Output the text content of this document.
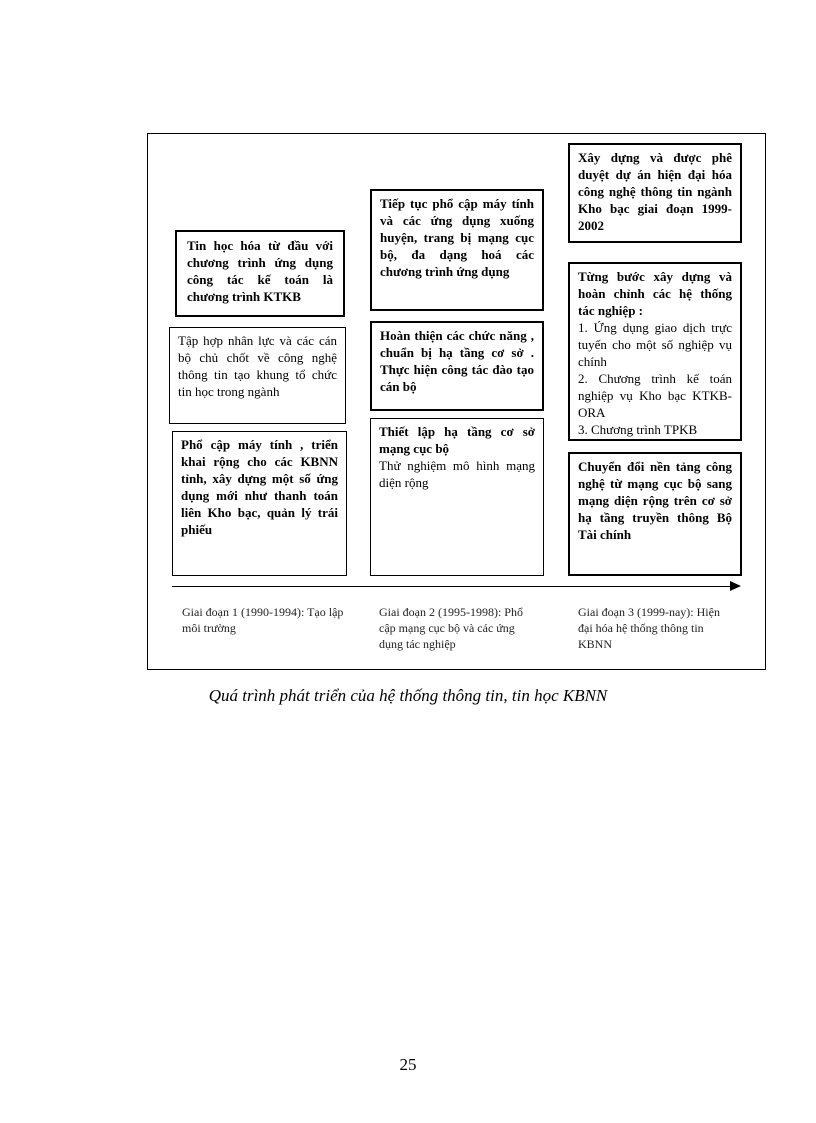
Tin học hóa từ đầu với chương trình ứng dụng công tác kế toán là chương trình KTKB

Tập hợp nhân lực và các cán bộ chủ chốt về công nghệ thông tin tạo khung tổ chức tin học trong ngành

Phổ cập máy tính , triển khai rộng cho các KBNN tỉnh, xây dựng một số ứng dụng mới như thanh toán liên Kho bạc, quản lý trái phiếu

Tiếp tục phổ cập máy tính và các ứng dụng xuống huyện, trang bị mạng cục bộ, đa dạng hoá các chương trình ứng dụng

Hoàn thiện các chức năng , chuẩn bị hạ tầng cơ sở . Thực hiện công tác đào tạo cán bộ

Thiết lập hạ tầng cơ sở mạng cục bộ

Thử nghiệm mô hình mạng diện rộng

Xây dựng và được phê duyệt dự án hiện đại hóa công nghệ thông tin ngành Kho bạc giai đoạn 1999-2002

Từng bước xây dựng và hoàn chỉnh các hệ thống tác nghiệp :

1. Ứng dụng giao dịch trực tuyến cho một số nghiệp vụ chính

2. Chương trình kế toán nghiệp vụ Kho bạc KTKB-ORA

3. Chương trình TPKB

Chuyển đổi nền tảng công nghệ từ mạng cục bộ sang mạng diện rộng trên cơ sở hạ tầng truyền thông Bộ Tài chính

Giai đoạn 1 (1990-1994): Tạo lập môi trường
Giai đoạn 2 (1995-1998): Phổ cập mạng cục bộ và các ứng dụng tác nghiệp
Giai đoạn 3 (1999-nay): Hiện đại hóa hệ thống thông tin KBNN
Quá trình phát triển của hệ thống thông tin, tin học KBNN
25
